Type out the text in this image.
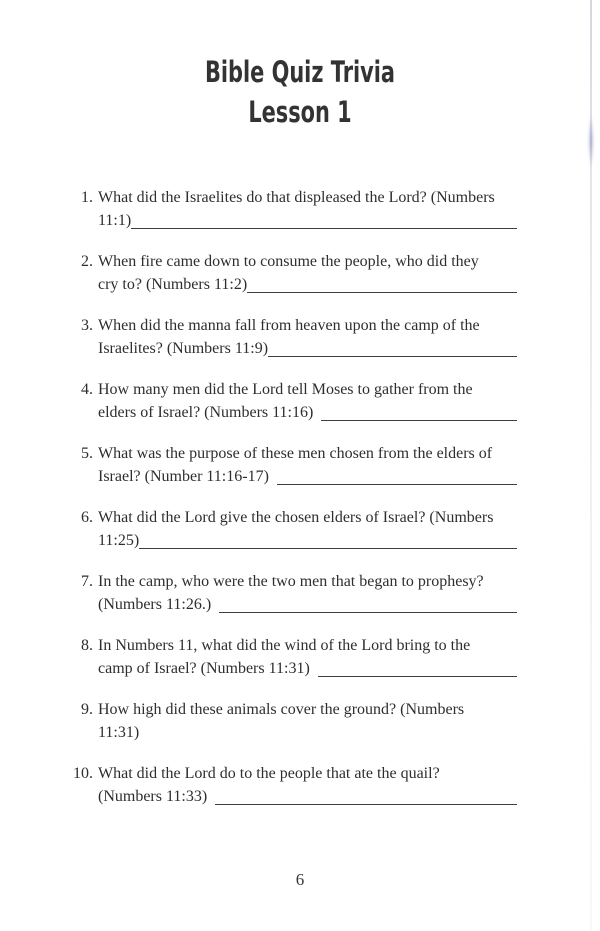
Bible Quiz Trivia
Lesson 1
1. What did the Israelites do that displeased the Lord? (Numbers
11:1)
2. When fire came down to consume the people, who did they
cry to? (Numbers 11:2)
3. When did the manna fall from heaven upon the camp of the
Israelites? (Numbers 11:9)
4. How many men did the Lord tell Moses to gather from the
elders of Israel? (Numbers 11:16)
5. What was the purpose of these men chosen from the elders of
Israel? (Number 11:16-17)
6. What did the Lord give the chosen elders of Israel? (Numbers
11:25)
7. In the camp, who were the two men that began to prophesy?
(Numbers 11:26.)
8. In Numbers 11, what did the wind of the Lord bring to the
camp of Israel? (Numbers 11:31)
9. How high did these animals cover the ground? (Numbers
11:31)
10. What did the Lord do to the people that ate the quail?
(Numbers 11:33)
6
